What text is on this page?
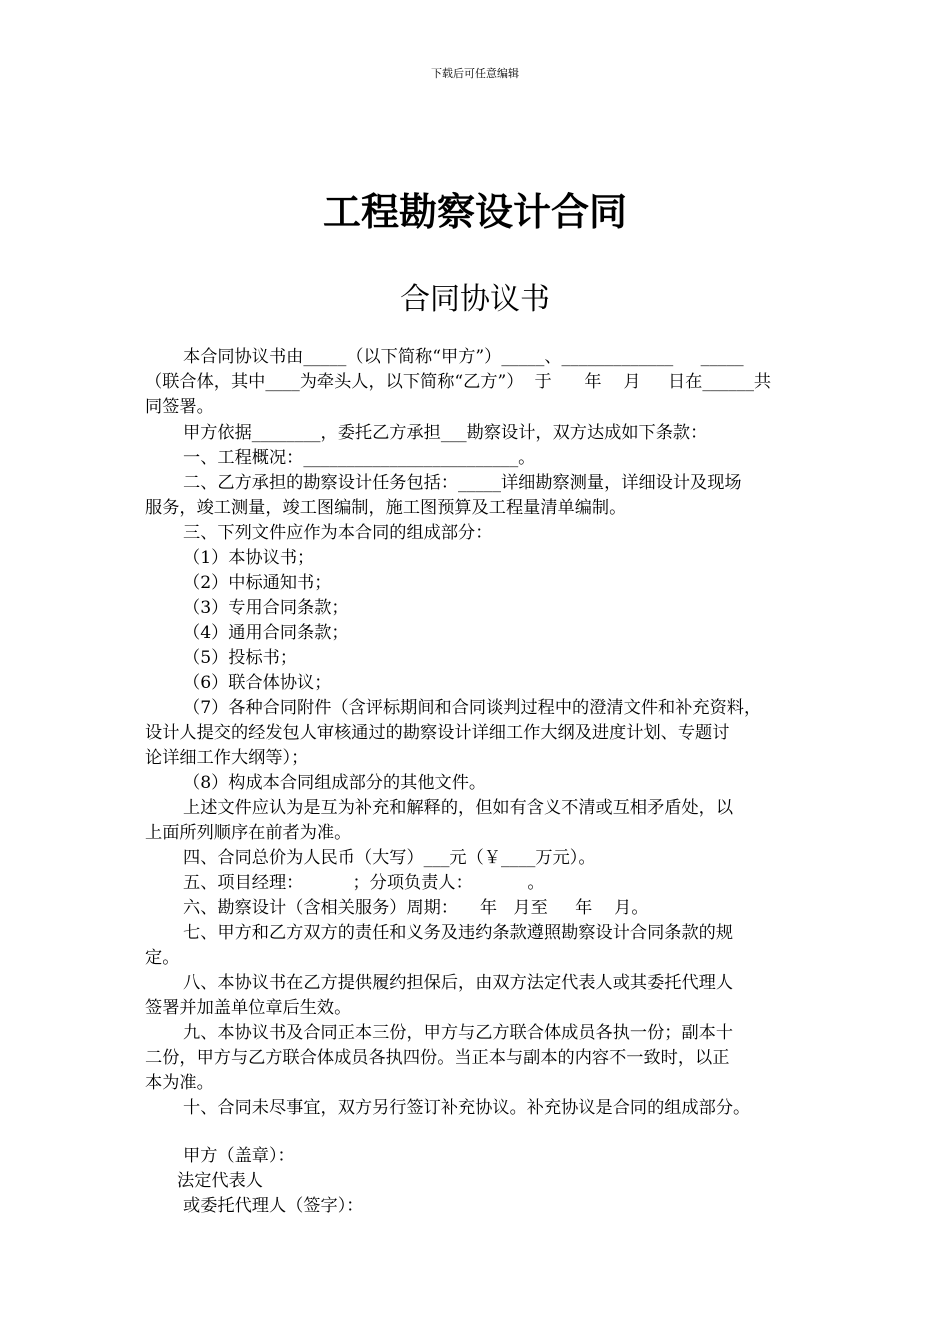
下载后可任意编辑
工程勘察设计合同
合同协议书
本合同协议书由_____（以下简称“甲方”）_____、_____________ _____
（联合体，其中____为牵头人，以下简称“乙方”）  于      年    月     日在______共
同签署。
甲方依据________，委托乙方承担___勘察设计，双方达成如下条款：
一、工程概况：_________________________。
二、乙方承担的勘察设计任务包括：_____详细勘察测量，详细设计及现场
服务，竣工测量，竣工图编制，施工图预算及工程量清单编制。
三、下列文件应作为本合同的组成部分：
（1）本协议书；
（2）中标通知书；
（3）专用合同条款；
（4）通用合同条款；
（5）投标书；
（6）联合体协议；
（7）各种合同附件（含评标期间和合同谈判过程中的澄清文件和补充资料，
设计人提交的经发包人审核通过的勘察设计详细工作大纲及进度计划、专题讨
论详细工作大纲等）；
（8）构成本合同组成部分的其他文件。
上述文件应认为是互为补充和解释的，但如有含义不清或互相矛盾处，以
上面所列顺序在前者为准。
四、合同总价为人民币（大写）___元（￥____万元）。
五、项目经理：         ；分项负责人：          。
六、勘察设计（含相关服务）周期：    年   月至     年    月。
七、甲方和乙方双方的责任和义务及违约条款遵照勘察设计合同条款的规
定。
八、本协议书在乙方提供履约担保后，由双方法定代表人或其委托代理人
签署并加盖单位章后生效。
九、本协议书及合同正本三份，甲方与乙方联合体成员各执一份；副本十
二份，甲方与乙方联合体成员各执四份。当正本与副本的内容不一致时，以正
本为准。
十、合同未尽事宜，双方另行签订补充协议。补充协议是合同的组成部分。
甲方（盖章）：
法定代表人
或委托代理人（签字）：
